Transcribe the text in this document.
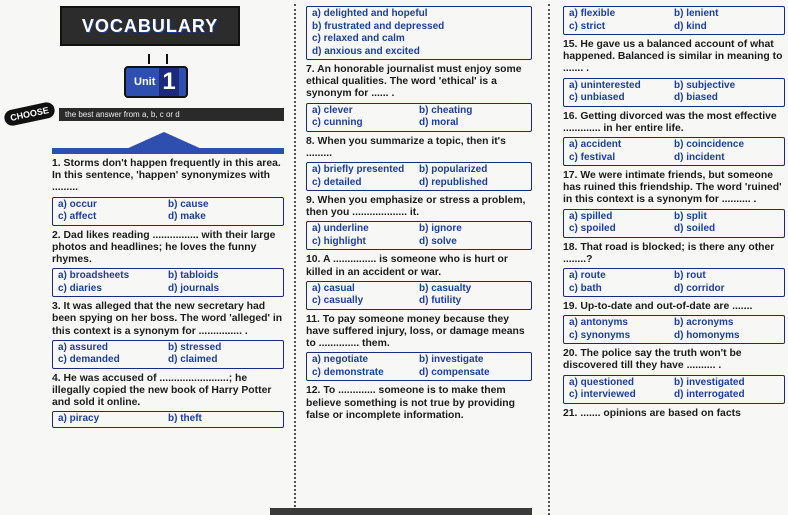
VOCABULARY
Unit 1
CHOOSE	the best answer from a, b, c or d
1. Storms don't happen frequently in this area. In this sentence, 'happen' synonymizes with .........
a) occur	b) cause
c) affect	d) make
2. Dad likes reading ................ with their large photos and headlines; he loves the funny rhymes.
a) broadsheets	b) tabloids
c) diaries	d) journals
3. It was alleged that the new secretary had been spying on her boss. The word 'alleged' in this context is a synonym for ............... .
a) assured	b) stressed
c) demanded	d) claimed
4. He was accused of ........................; he illegally copied the new book of Harry Potter and sold it online.
a) piracy	b) theft
a) delighted and hopeful
b) frustrated and depressed
c) relaxed and calm
d) anxious and excited
7. An honorable journalist must enjoy some ethical qualities. The word 'ethical' is a synonym for ...... .
a) clever	b) cheating
c) cunning	d) moral
8. When you summarize a topic, then it's .........
a) briefly presented	b) popularized
c) detailed	d) republished
9. When you emphasize or stress a problem, then you ................... it.
a) underline	b) ignore
c) highlight	d) solve
10. A ............... is someone who is hurt or killed in an accident or war.
a) casual	b) casualty
c) casually	d) futility
11. To pay someone money because they have suffered injury, loss, or damage means to .............. them.
a) negotiate	b) investigate
c) demonstrate	d) compensate
12. To ............. someone is to make them believe something is not true by providing false or incomplete information.
a) flexible	b) lenient
c) strict	d) kind
15. He gave us a balanced account of what happened. Balanced is similar in meaning to ....... .
a) uninterested	b) subjective
c) unbiased	d) biased
16. Getting divorced was the most effective ............. in her entire life.
a) accident	b) coincidence
c) festival	d) incident
17. We were intimate friends, but someone has ruined this friendship. The word 'ruined' in this context is a synonym for .......... .
a) spilled	b) split
c) spoiled	d) soiled
18. That road is blocked; is there any other ........?
a) route	b) rout
c) bath	d) corridor
19. Up-to-date and out-of-date are .......
a) antonyms	b) acronyms
c) synonyms	d) homonyms
20. The police say the truth won't be discovered till they have .......... .
a) questioned	b) investigated
c) interviewed	d) interrogated
21. ....... opinions are based on facts
